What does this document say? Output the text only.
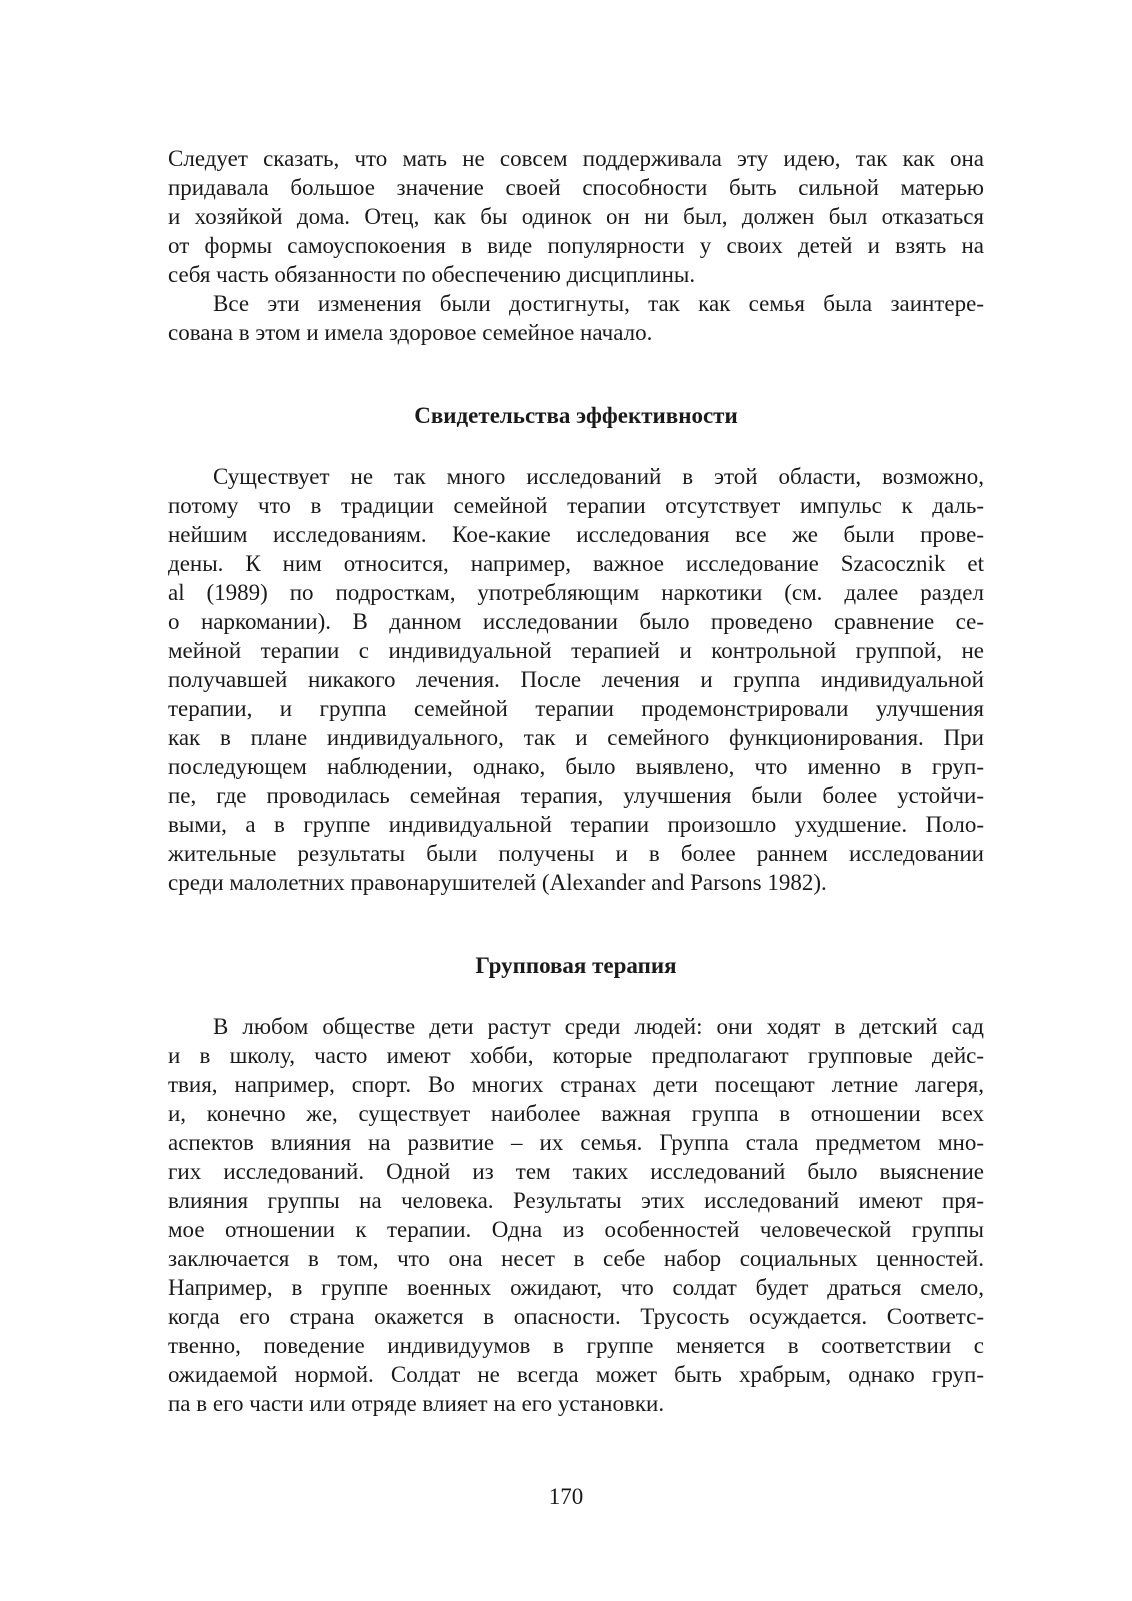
Следует сказать, что мать не совсем поддерживала эту идею, так как она
придавала большое значение своей способности быть сильной матерью
и хозяйкой дома. Отец, как бы одинок он ни был, должен был отказаться
от формы самоуспокоения в виде популярности у своих детей и взять на
себя часть обязанности по обеспечению дисциплины.
Все эти изменения были достигнуты, так как семья была заинтере-
сована в этом и имела здоровое семейное начало.
Свидетельства эффективности
Существует не так много исследований в этой области, возможно,
потому что в традиции семейной терапии отсутствует импульс к даль-
нейшим исследованиям. Кое-какие исследования все же были прове-
дены. К ним относится, например, важное исследование Szacocznik et
al (1989) по подросткам, употребляющим наркотики (см. далее раздел
о наркомании). В данном исследовании было проведено сравнение се-
мейной терапии с индивидуальной терапией и контрольной группой, не
получавшей никакого лечения. После лечения и группа индивидуальной
терапии, и группа семейной терапии продемонстрировали улучшения
как в плане индивидуального, так и семейного функционирования. При
последующем наблюдении, однако, было выявлено, что именно в груп-
пе, где проводилась семейная терапия, улучшения были более устойчи-
выми, а в группе индивидуальной терапии произошло ухудшение. Поло-
жительные результаты были получены и в более раннем исследовании
среди малолетних правонарушителей (Alexander and Parsons 1982).
Групповая терапия
В любом обществе дети растут среди людей: они ходят в детский сад
и в школу, часто имеют хобби, которые предполагают групповые дейс-
твия, например, спорт. Во многих странах дети посещают летние лагеря,
и, конечно же, существует наиболее важная группа в отношении всех
аспектов влияния на развитие – их семья. Группа стала предметом мно-
гих исследований. Одной из тем таких исследований было выяснение
влияния группы на человека. Результаты этих исследований имеют пря-
мое отношении к терапии. Одна из особенностей человеческой группы
заключается в том, что она несет в себе набор социальных ценностей.
Например, в группе военных ожидают, что солдат будет драться смело,
когда его страна окажется в опасности. Трусость осуждается. Соответс-
твенно, поведение индивидуумов в группе меняется в соответствии с
ожидаемой нормой. Солдат не всегда может быть храбрым, однако груп-
па в его части или отряде влияет на его установки.
170
